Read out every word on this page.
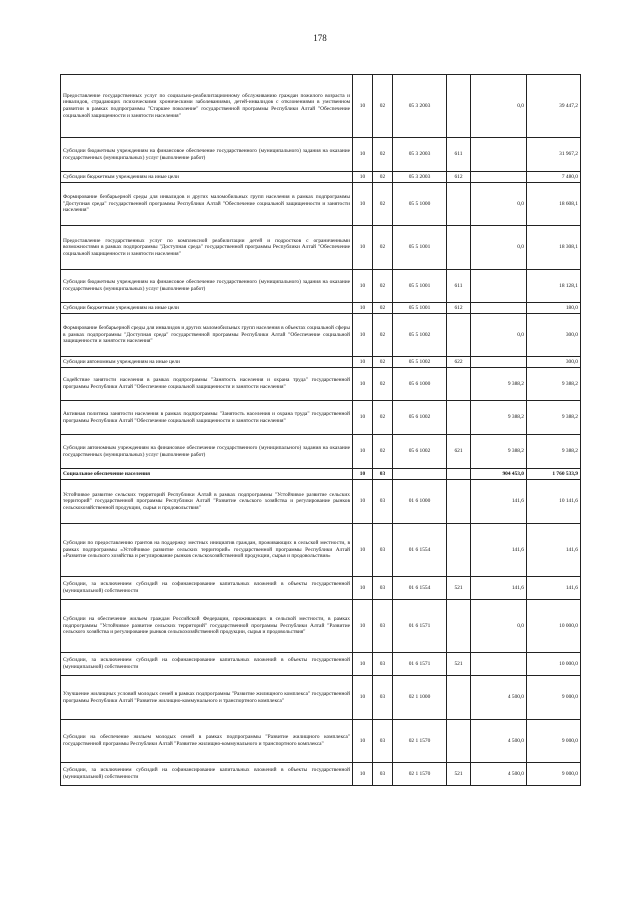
178
Предоставление государственных услуг по социально-реабилитационному обслуживанию граждан пожилого возраста и инвалидов, страдающих психическими хроническими заболеваниями, детей-инвалидов с отклонениями в умственном развитии в рамках подпрограммы "Старшее поколение" государственной программы Республики Алтай "Обеспечение социальной защищенности и занятости населения"	10	02	05 3 2003		0,0	39 447,2
Субсидии бюджетным учреждениям на финансовое обеспечение государственного (муниципального) задания на оказание государственных (муниципальных) услуг (выполнение работ)	10	02	05 3 2003	611		31 967,2
Субсидии бюджетным учреждениям на иные цели	10	02	05 3 2003	612		7 480,0
Формирование безбарьерной среды для инвалидов и других маломобильных групп населения в рамках подпрограммы "Доступная среда" государственной программы Республики Алтай "Обеспечение социальной защищенности и занятости населения"	10	02	05 5 1000		0,0	18 608,1
Предоставление государственных услуг по комплексной реабилитации детей и подростков с ограниченными возможностями в рамках подпрограммы "Доступная среда" государственной программы Республики Алтай "Обеспечение социальной защищенности и занятости населения"	10	02	05 5 1001		0,0	18 308,1
Субсидии бюджетным учреждениям на финансовое обеспечение государственного (муниципального) задания на оказание государственных (муниципальных) услуг (выполнение работ)	10	02	05 5 1001	611		18 128,1
Субсидии бюджетным учреждениям на иные цели	10	02	05 5 1001	612		180,0
Формирование безбарьерной среды для инвалидов и других маломобильных групп населения в объектах социальной сферы в рамках подпрограммы "Доступная среда" государственной программы Республики Алтай "Обеспечение социальной защищенности и занятости населения"	10	02	05 5 1002		0,0	300,0
Субсидии автономным учреждениям на иные цели	10	02	05 5 1002	622		300,0
Содействие занятости населения в рамках подпрограммы "Занятость населения и охрана труда" государственной программы Республики Алтай "Обеспечение социальной защищенности и занятости населения"	10	02	05 6 1000		9 388,2	9 388,2
Активная политика занятости населения в рамках подпрограммы "Занятость населения и охрана труда" государственной программы Республики Алтай "Обеспечение социальной защищенности и занятости населения"	10	02	05 6 1002		9 388,2	9 388,2
Субсидии автономным учреждениям на финансовое обеспечение государственного (муниципального) задания на оказание государственных (муниципальных) услуг (выполнение работ)	10	02	05 6 1002	621	9 388,2	9 388,2
Социальное обеспечение населения	10	03			904 453,0	1 760 533,9
Устойчивое развитие сельских территорий Республики Алтай в рамках подпрограммы "Устойчивое развитие сельских территорий" государственной программы Республики Алтай "Развитие сельского хозяйства и регулирование рынков сельскохозяйственной продукции, сырья и продовольствия"	10	03	01 6 1000		141,6	10 141,6
Субсидии по предоставлению грантов на поддержку местных инициатив граждан, проживающих в сельской местности, в рамках подпрограммы «Устойчивое развитие сельских территорий» государственной программы Республики Алтай «Развитие сельского хозяйства и регулирование рынков сельскохозяйственной продукции, сырья и продовольствия»	10	03	01 6 1554		141,6	141,6
Субсидии, за исключением субсидий на софинансирование капитальных вложений в объекты государственной (муниципальной) собственности	10	03	01 6 1554	521	141,6	141,6
Субсидии на обеспечение жильем граждан Российской Федерации, проживающих в сельской местности, в рамках подпрограммы "Устойчивое развитие сельских территорий" государственной программы Республики Алтай "Развитие сельского хозяйства и регулирование рынков сельскохозяйственной продукции, сырья и продовольствия"	10	03	01 6 1571		0,0	10 000,0
Субсидии, за исключением субсидий на софинансирование капитальных вложений в объекты государственной (муниципальной) собственности	10	03	01 6 1571	521		10 000,0
Улучшение жилищных условий молодых семей в рамках подпрограммы "Развитие жилищного комплекса" государственной программы Республики Алтай "Развитие жилищно-коммунального и транспортного комплекса"	10	03	02 1 1000		4 500,0	9 000,0
Субсидии на обеспечение жильем молодых семей в рамках подпрограммы "Развитие жилищного комплекса" государственной программы Республики Алтай "Развитие жилищно-коммунального и транспортного комплекса"	10	03	02 1 1570		4 500,0	9 000,0
Субсидии, за исключением субсидий на софинансирование капитальных вложений в объекты государственной (муниципальной) собственности	10	03	02 1 1570	521	4 500,0	9 000,0
